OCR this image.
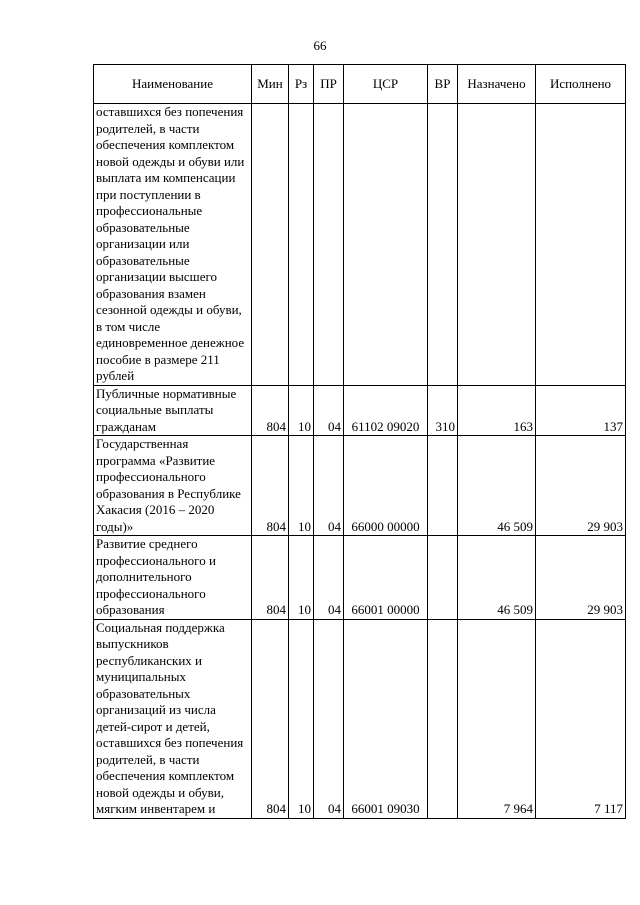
66
Наименование	Мин	Рз	ПР	ЦСР	ВР	Назначено	Исполнено

оставшихся без попечения родителей, в части обеспечения комплектом новой одежды и обуви или выплата им компенсации при поступлении в профессиональные образовательные организации или образовательные организации высшего образования взамен сезонной одежды и обуви, в том числе единовременное денежное пособие в размере 211 рублей							

Публичные нормативные социальные выплаты гражданам	804	10	04	61102 09020	310	163	137

Государственная программа «Развитие профессионального образования в Республике Хакасия (2016 – 2020 годы)»	804	10	04	66000 00000		46 509	29 903

Развитие среднего профессионального и дополнительного профессионального образования	804	10	04	66001 00000		46 509	29 903

Социальная поддержка выпускников республиканских и муниципальных образовательных организаций из числа детей-сирот и детей, оставшихся без попечения родителей, в части обеспечения комплектом новой одежды и обуви, мягким инвентарем и	804	10	04	66001 09030		7 964	7 117
